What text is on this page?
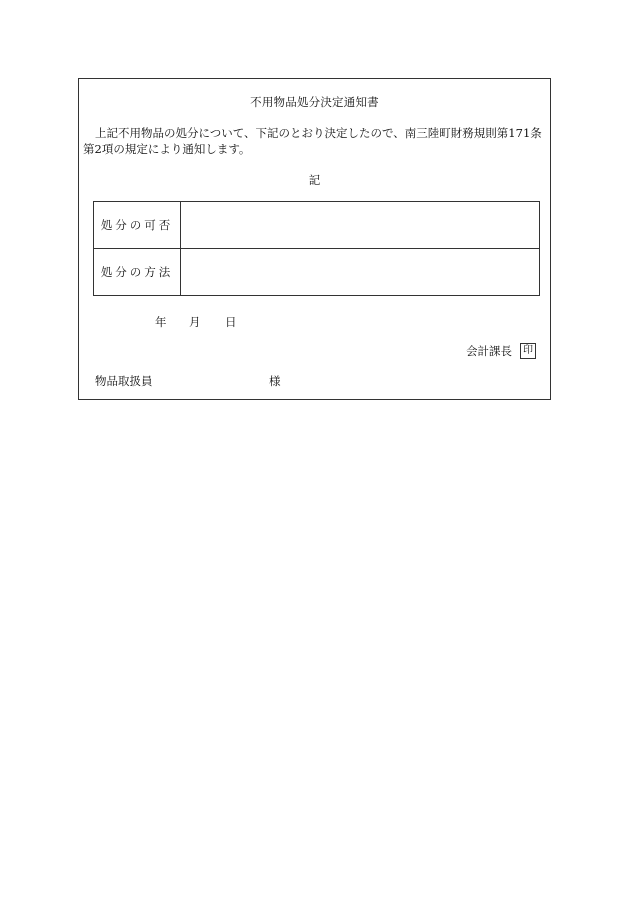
不用物品処分決定通知書
上記不用物品の処分について、下記のとおり決定したので、南三陸町財務規則第171条第2項の規定により通知します。
記
処分の可否	
処分の方法	
年 月 日
会計課長	印
物品取扱員	様
